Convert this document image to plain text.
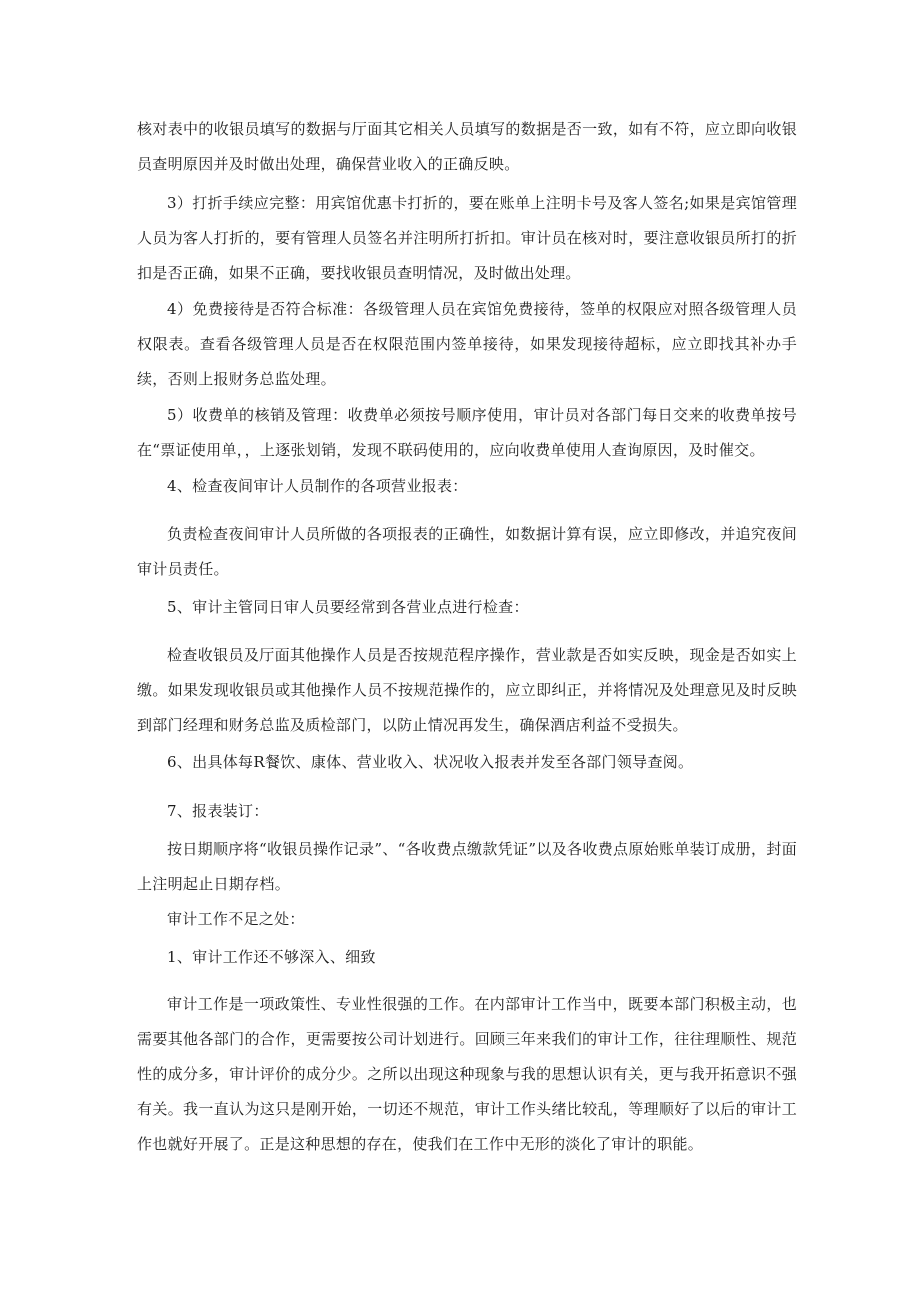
核对表中的收银员填写的数据与厅面其它相关人员填写的数据是否一致，如有不符，应立即向收银员查明原因并及时做出处理，确保营业收入的正确反映。

3）打折手续应完整：用宾馆优惠卡打折的，要在账单上注明卡号及客人签名;如果是宾馆管理人员为客人打折的，要有管理人员签名并注明所打折扣。审计员在核对时，要注意收银员所打的折扣是否正确，如果不正确，要找收银员查明情况，及时做出处理。

4）免费接待是否符合标准：各级管理人员在宾馆免费接待，签单的权限应对照各级管理人员权限表。查看各级管理人员是否在权限范围内签单接待，如果发现接待超标，应立即找其补办手续，否则上报财务总监处理。

5）收费单的核销及管理：收费单必须按号顺序使用，审计员对各部门每日交来的收费单按号在“票证使用单，，上逐张划销，发现不联码使用的，应向收费单使用人查询原因，及时催交。

4、检查夜间审计人员制作的各项营业报表：

负责检查夜间审计人员所做的各项报表的正确性，如数据计算有误，应立即修改，并追究夜间审计员责任。

5、审计主管同日审人员要经常到各营业点进行检查：

检查收银员及厅面其他操作人员是否按规范程序操作，营业款是否如实反映，现金是否如实上缴。如果发现收银员或其他操作人员不按规范操作的，应立即纠正，并将情况及处理意见及时反映到部门经理和财务总监及质检部门，以防止情况再发生，确保酒店利益不受损失。

6、出具体每R餐饮、康体、营业收入、状况收入报表并发至各部门领导查阅。

7、报表装订：

按日期顺序将“收银员操作记录”、“各收费点缴款凭证”以及各收费点原始账单装订成册，封面上注明起止日期存档。

审计工作不足之处：

1、审计工作还不够深入、细致

审计工作是一项政策性、专业性很强的工作。在内部审计工作当中，既要本部门积极主动，也需要其他各部门的合作，更需要按公司计划进行。回顾三年来我们的审计工作，往往理顺性、规范性的成分多，审计评价的成分少。之所以出现这种现象与我的思想认识有关，更与我开拓意识不强有关。我一直认为这只是刚开始，一切还不规范，审计工作头绪比较乱，等理顺好了以后的审计工作也就好开展了。正是这种思想的存在，使我们在工作中无形的淡化了审计的职能。
